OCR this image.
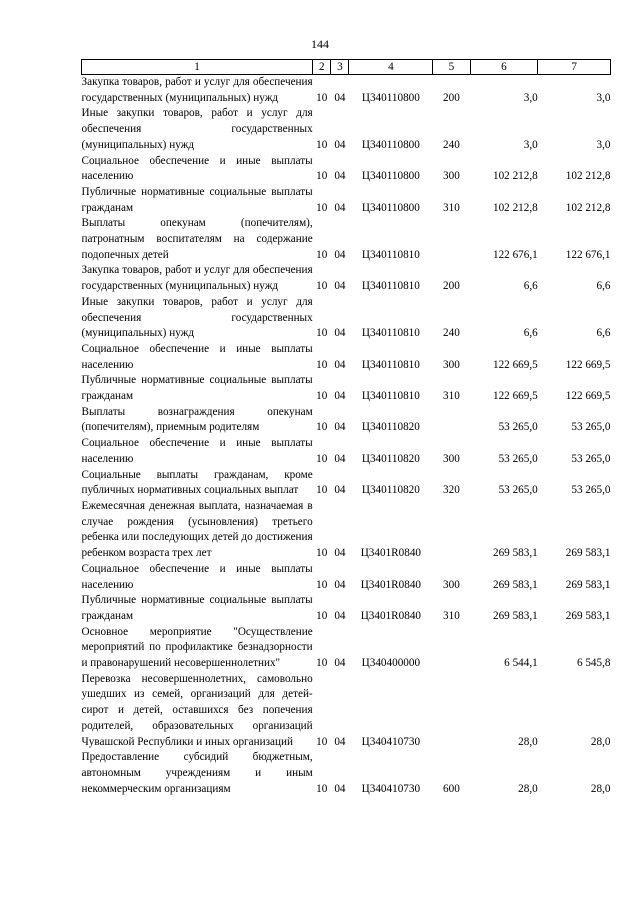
144
1	2	3	4	5	6	7
Закупка товаров, работ и услуг для обеспечения государственных (муниципальных) нужд	10	04	Ц340110800	200	3,0	3,0
Иные закупки товаров, работ и услуг для обеспечения государственных (муниципальных) нужд	10	04	Ц340110800	240	3,0	3,0
Социальное обеспечение и иные выплаты населению	10	04	Ц340110800	300	102 212,8	102 212,8
Публичные нормативные социальные выплаты гражданам	10	04	Ц340110800	310	102 212,8	102 212,8
Выплаты опекунам (попечителям), патронатным воспитателям на содержание подопечных детей	10	04	Ц340110810		122 676,1	122 676,1
Закупка товаров, работ и услуг для обеспечения государственных (муниципальных) нужд	10	04	Ц340110810	200	6,6	6,6
Иные закупки товаров, работ и услуг для обеспечения государственных (муниципальных) нужд	10	04	Ц340110810	240	6,6	6,6
Социальное обеспечение и иные выплаты населению	10	04	Ц340110810	300	122 669,5	122 669,5
Публичные нормативные социальные выплаты гражданам	10	04	Ц340110810	310	122 669,5	122 669,5
Выплаты вознаграждения опекунам (попечителям), приемным родителям	10	04	Ц340110820		53 265,0	53 265,0
Социальное обеспечение и иные выплаты населению	10	04	Ц340110820	300	53 265,0	53 265,0
Социальные выплаты гражданам, кроме публичных нормативных социальных выплат	10	04	Ц340110820	320	53 265,0	53 265,0
Ежемесячная денежная выплата, назначаемая в случае рождения (усыновления) третьего ребенка или последующих детей до достижения ребенком возраста трех лет	10	04	Ц3401R0840		269 583,1	269 583,1
Социальное обеспечение и иные выплаты населению	10	04	Ц3401R0840	300	269 583,1	269 583,1
Публичные нормативные социальные выплаты гражданам	10	04	Ц3401R0840	310	269 583,1	269 583,1
Основное мероприятие "Осуществление мероприятий по профилактике безнадзорности и правонарушений несовершеннолетних"	10	04	Ц340400000		6 544,1	6 545,8
Перевозка несовершеннолетних, самовольно ушедших из семей, организаций для детей-сирот и детей, оставшихся без попечения родителей, образовательных организаций Чувашской Республики и иных организаций	10	04	Ц340410730		28,0	28,0
Предоставление субсидий бюджетным, автономным учреждениям и иным некоммерческим организациям	10	04	Ц340410730	600	28,0	28,0
